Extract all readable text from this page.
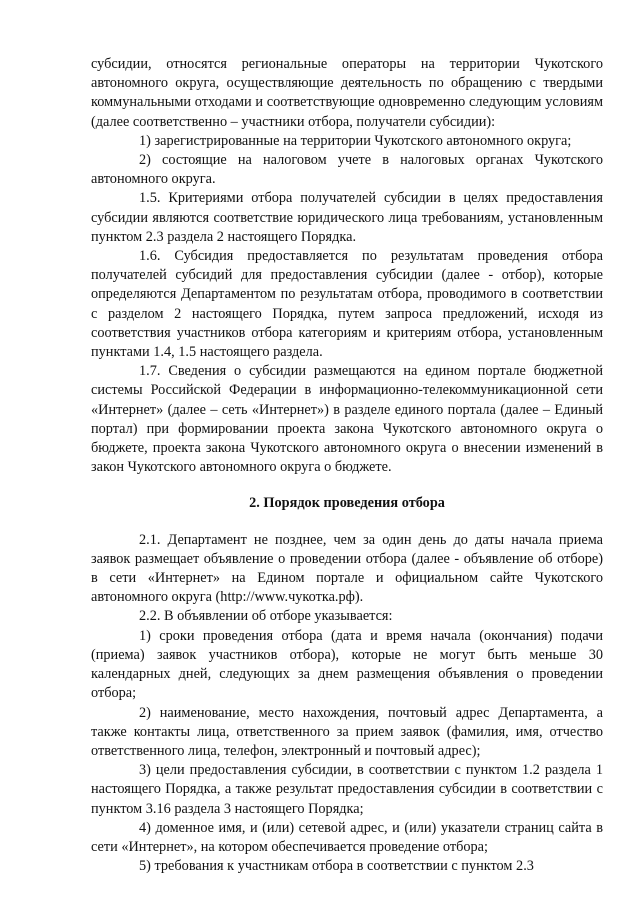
субсидии, относятся региональные операторы на территории Чукотского автономного округа, осуществляющие деятельность по обращению с твердыми коммунальными отходами и соответствующие одновременно следующим условиям (далее соответственно – участники отбора, получатели субсидии):

1) зарегистрированные на территории Чукотского автономного округа;

2) состоящие на налоговом учете в налоговых органах Чукотского автономного округа.

1.5. Критериями отбора получателей субсидии в целях предоставления субсидии являются соответствие юридического лица требованиям, установленным пунктом 2.3 раздела 2 настоящего Порядка.

1.6. Субсидия предоставляется по результатам проведения отбора получателей субсидий для предоставления субсидии (далее - отбор), которые определяются Департаментом по результатам отбора, проводимого в соответствии с разделом 2 настоящего Порядка, путем запроса предложений, исходя из соответствия участников отбора категориям и критериям отбора, установленным пунктами 1.4, 1.5 настоящего раздела.

1.7. Сведения о субсидии размещаются на едином портале бюджетной системы Российской Федерации в информационно-телекоммуникационной сети «Интернет» (далее – сеть «Интернет») в разделе единого портала (далее – Единый портал) при формировании проекта закона Чукотского автономного округа о бюджете, проекта закона Чукотского автономного округа о внесении изменений в закон Чукотского автономного округа о бюджете.

2. Порядок проведения отбора

2.1. Департамент не позднее, чем за один день до даты начала приема заявок размещает объявление о проведении отбора (далее - объявление об отборе) в сети «Интернет» на Едином портале и официальном сайте Чукотского автономного округа (http://www.чукотка.рф).

2.2. В объявлении об отборе указывается:

1) сроки проведения отбора (дата и время начала (окончания) подачи (приема) заявок участников отбора), которые не могут быть меньше 30 календарных дней, следующих за днем размещения объявления о проведении отбора;

2) наименование, место нахождения, почтовый адрес Департамента, а также контакты лица, ответственного за прием заявок (фамилия, имя, отчество ответственного лица, телефон, электронный и почтовый адрес);

3) цели предоставления субсидии, в соответствии с пунктом 1.2 раздела 1 настоящего Порядка, а также результат предоставления субсидии в соответствии с пунктом 3.16 раздела 3 настоящего Порядка;

4) доменное имя, и (или) сетевой адрес, и (или) указатели страниц сайта в сети «Интернет», на котором обеспечивается проведение отбора;

5) требования к участникам отбора в соответствии с пунктом 2.3
